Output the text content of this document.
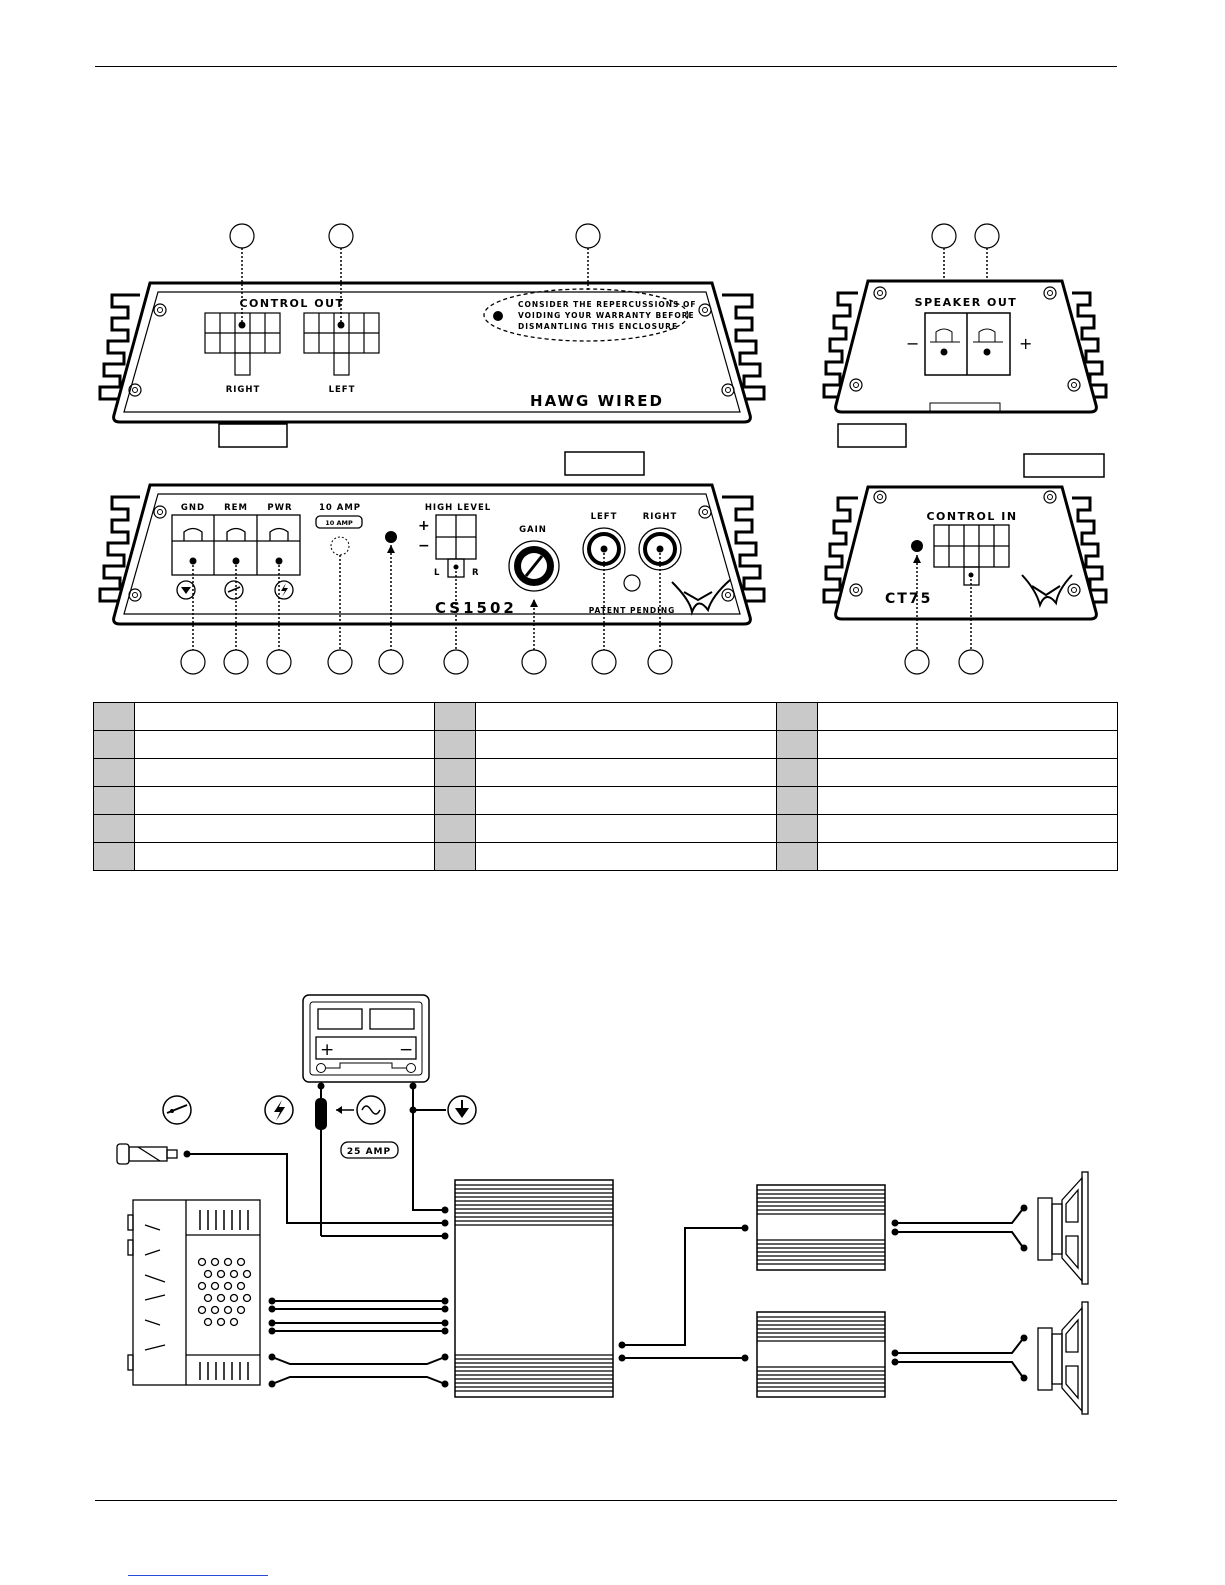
CONTROL OUT
RIGHT	LEFT
CONSIDER THE REPERCUSSIONS OF
VOIDING YOUR WARRANTY BEFORE
DISMANTLING THIS ENCLOSURE
HAWG WIRED
SPEAKER OUT
−	+
GND REM PWR	10 AMP
10 AMP
HIGH LEVEL
+
−
L	R
GAIN
LEFT	RIGHT
CS1502	PATENT PENDING
CONTROL IN
CT75
+	−
25 AMP
